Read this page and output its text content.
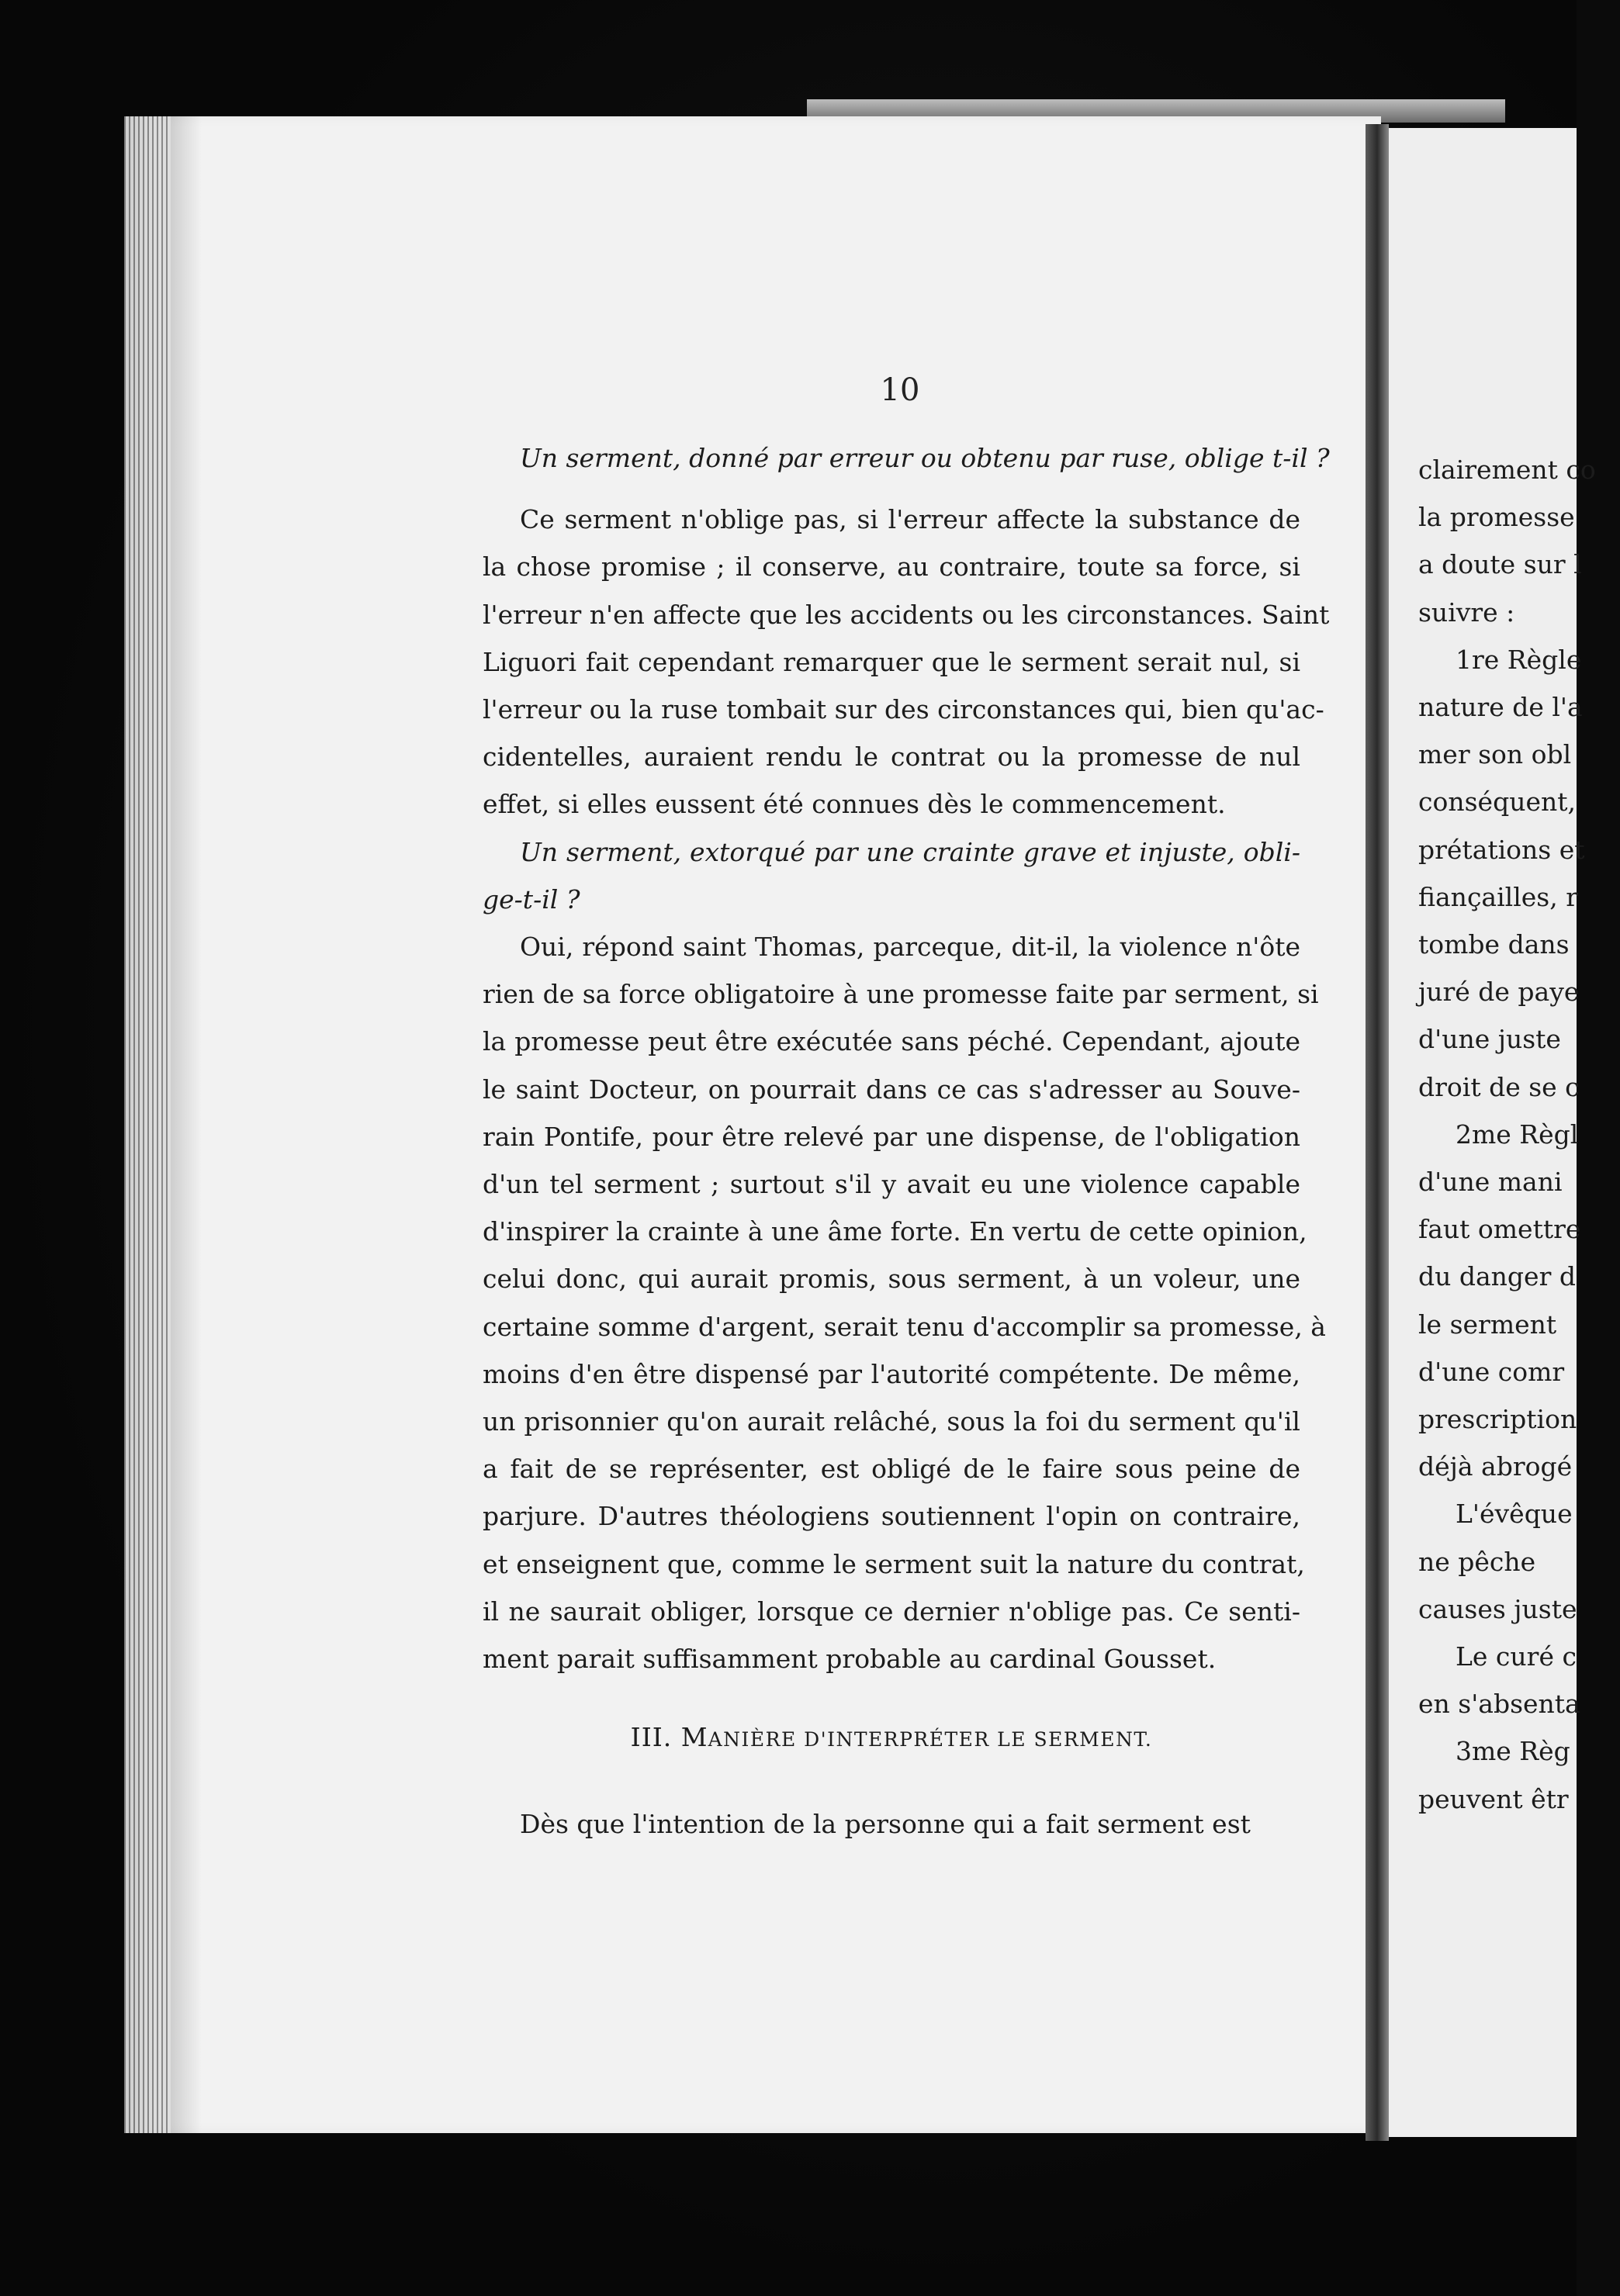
10
Un serment, donné par erreur ou obtenu par ruse, oblige t-il ?
Ce serment n'oblige pas, si l'erreur affecte la substance de
la chose promise ; il conserve, au contraire, toute sa force, si
l'erreur n'en affecte que les accidents ou les circonstances. Saint
Liguori fait cependant remarquer que le serment serait nul, si
l'erreur ou la ruse tombait sur des circonstances qui, bien qu'ac-
cidentelles, auraient rendu le contrat ou la promesse de nul
effet, si elles eussent été connues dès le commencement.
Un serment, extorqué par une crainte grave et injuste, obli-
ge-t-il ?
Oui, répond saint Thomas, parceque, dit-il, la violence n'ôte
rien de sa force obligatoire à une promesse faite par serment, si
la promesse peut être exécutée sans péché. Cependant, ajoute
le saint Docteur, on pourrait dans ce cas s'adresser au Souve-
rain Pontife, pour être relevé par une dispense, de l'obligation
d'un tel serment ; surtout s'il y avait eu une violence capable
d'inspirer la crainte à une âme forte. En vertu de cette opinion,
celui donc, qui aurait promis, sous serment, à un voleur, une
certaine somme d'argent, serait tenu d'accomplir sa promesse, à
moins d'en être dispensé par l'autorité compétente. De même,
un prisonnier qu'on aurait relâché, sous la foi du serment qu'il
a fait de se représenter, est obligé de le faire sous peine de
parjure. D'autres théologiens soutiennent l'opin on contraire,
et enseignent que, comme le serment suit la nature du contrat,
il ne saurait obliger, lorsque ce dernier n'oblige pas. Ce senti-
ment parait suffisamment probable au cardinal Gousset.
III. MANIÈRE D'INTERPRÉTER LE SERMENT.
Dès que l'intention de la personne qui a fait serment est
clairement co
la promesse
a doute sur l
suivre :
1re Règle
nature de l'a
mer son obl
conséquent,
prétations et
fiançailles, r
tombe dans
juré de paye
d'une juste
droit de se c
2me Règl
d'une mani
faut omettre
du danger d
le serment
d'une comr
prescription
déjà abrogé
L'évêque
ne pêche
causes juste
Le curé c
en s'absenta
3me Règ
peuvent êtr
